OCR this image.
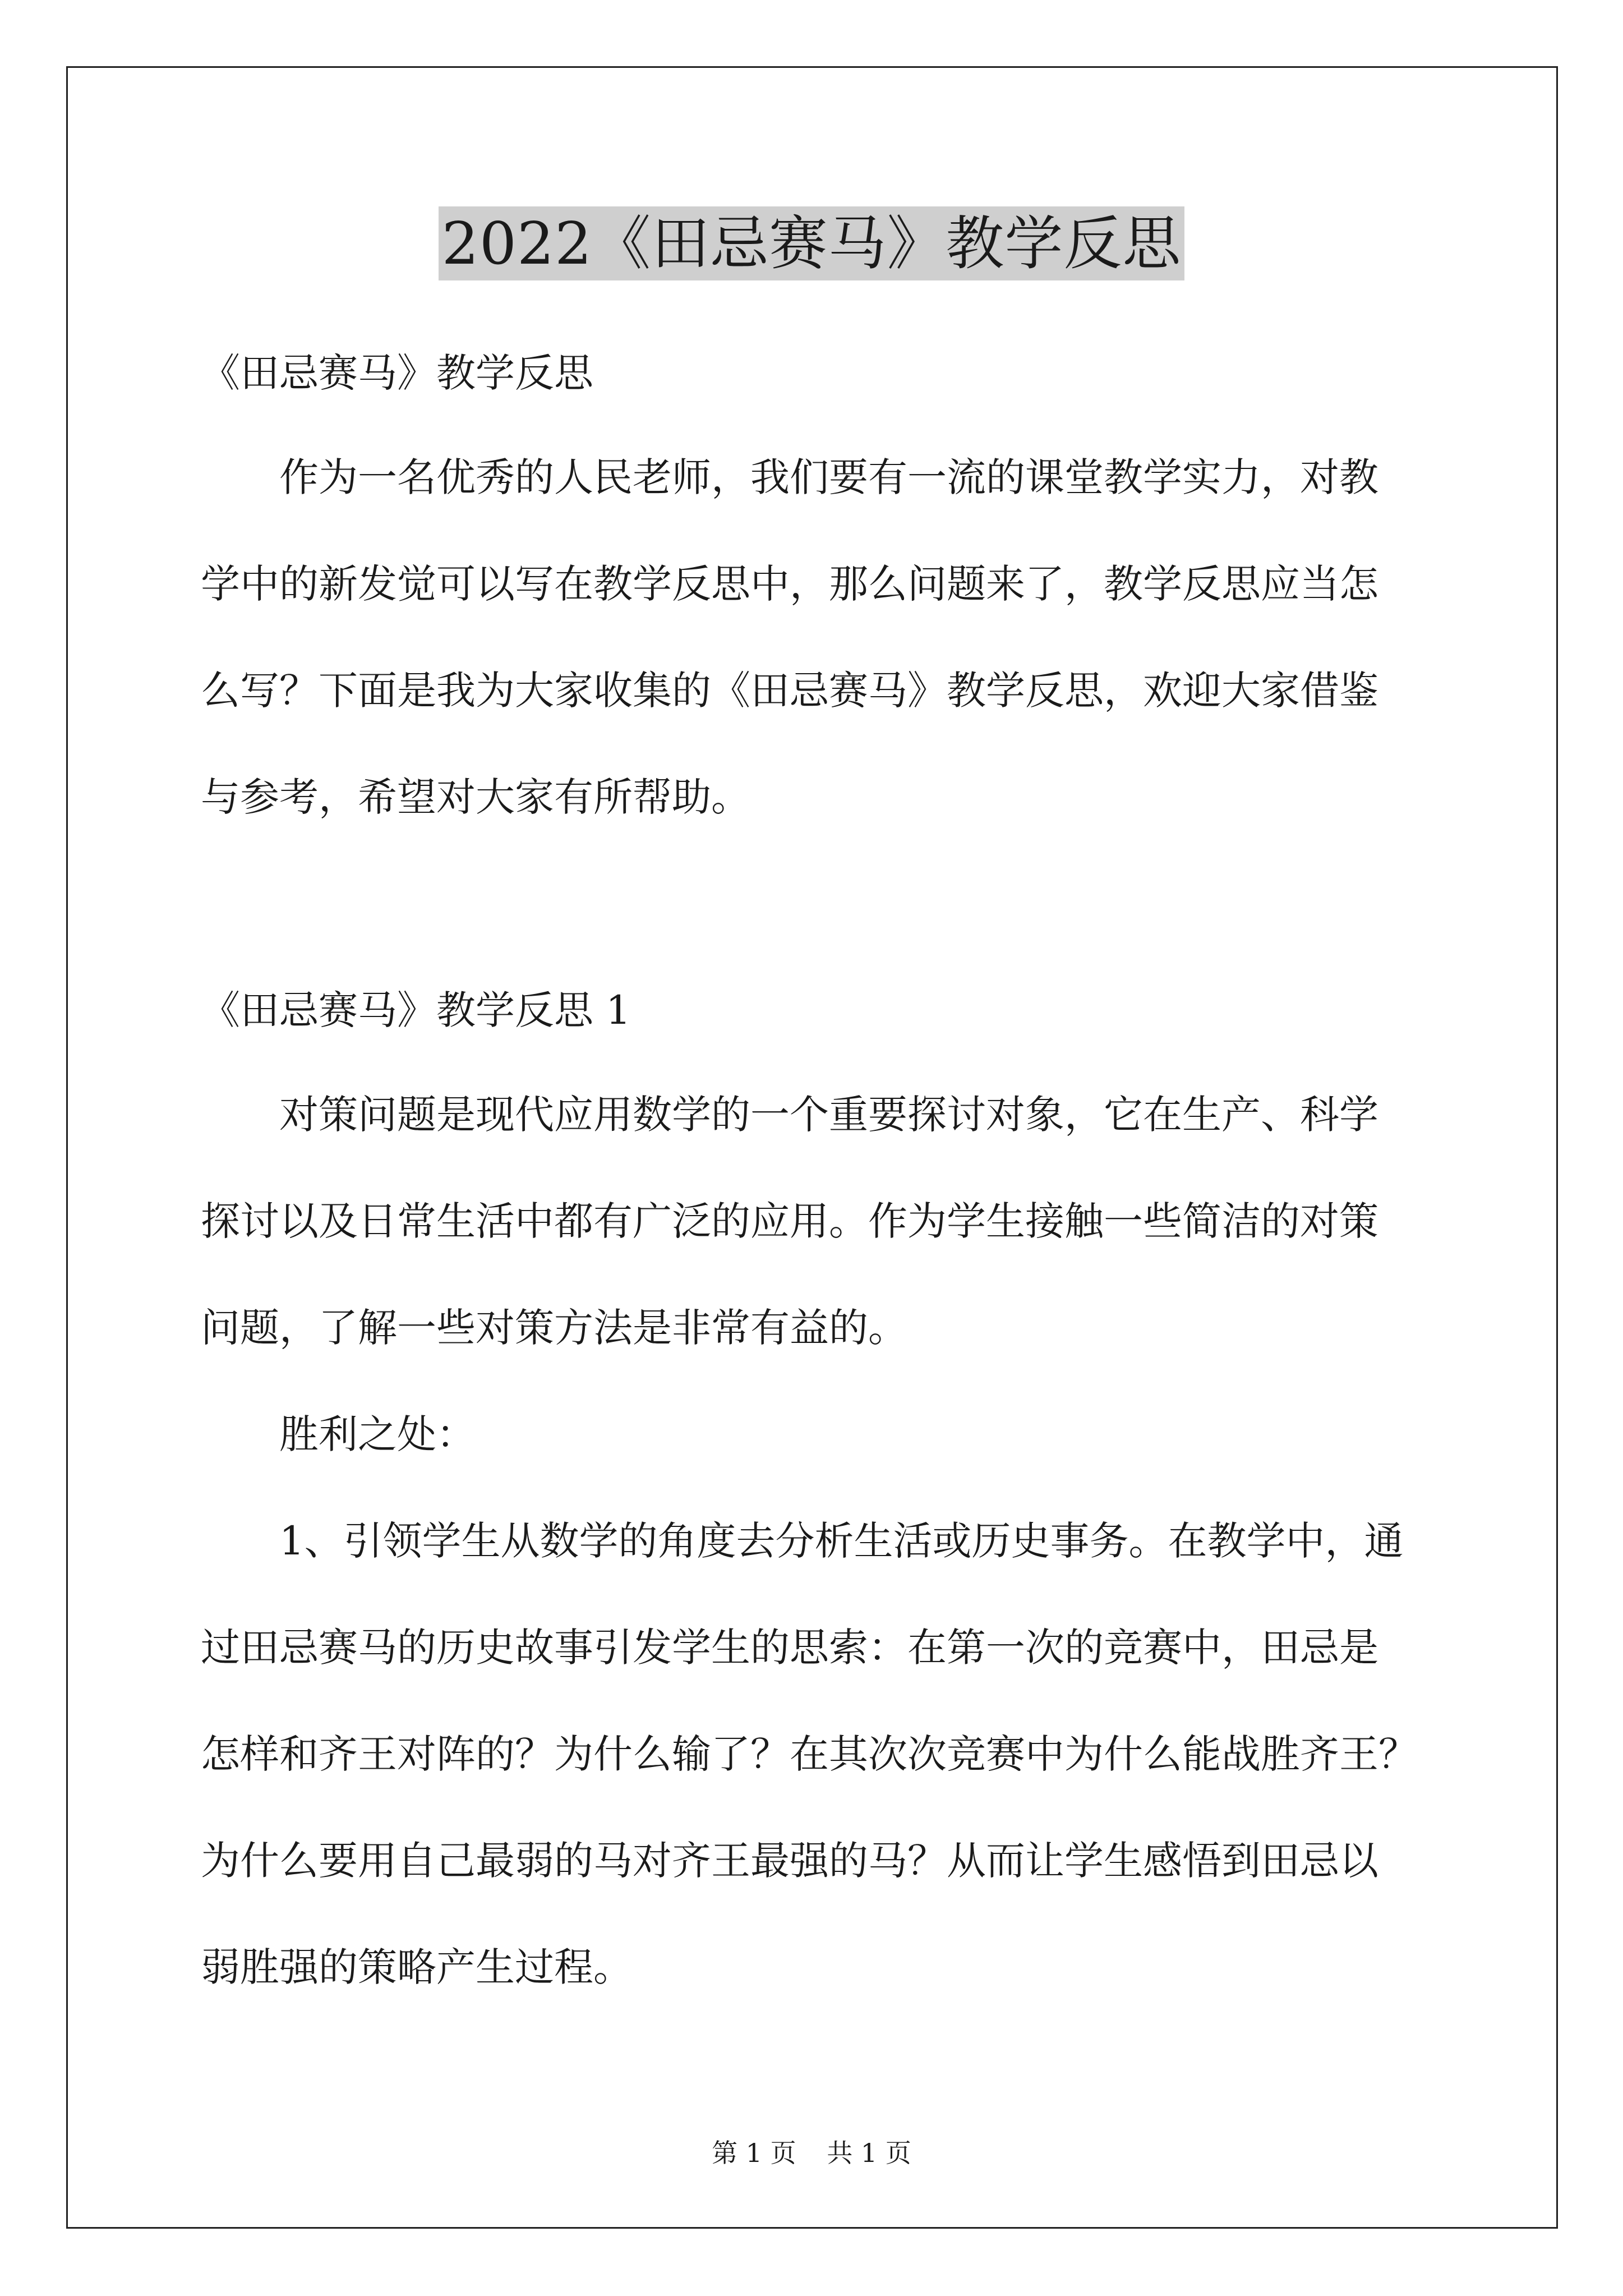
2022《田忌赛马》教学反思

《田忌赛马》教学反思

作为一名优秀的人民老师，我们要有一流的课堂教学实力，对教

学中的新发觉可以写在教学反思中，那么问题来了，教学反思应当怎

么写？下面是我为大家收集的《田忌赛马》教学反思，欢迎大家借鉴

与参考，希望对大家有所帮助。

《田忌赛马》教学反思 1

对策问题是现代应用数学的一个重要探讨对象，它在生产、科学

探讨以及日常生活中都有广泛的应用。作为学生接触一些简洁的对策

问题，了解一些对策方法是非常有益的。

胜利之处：

1、引领学生从数学的角度去分析生活或历史事务。在教学中，通

过田忌赛马的历史故事引发学生的思索：在第一次的竞赛中，田忌是

怎样和齐王对阵的？为什么输了？在其次次竞赛中为什么能战胜齐王？

为什么要用自己最弱的马对齐王最强的马？从而让学生感悟到田忌以

弱胜强的策略产生过程。

第 1 页 共 1 页
